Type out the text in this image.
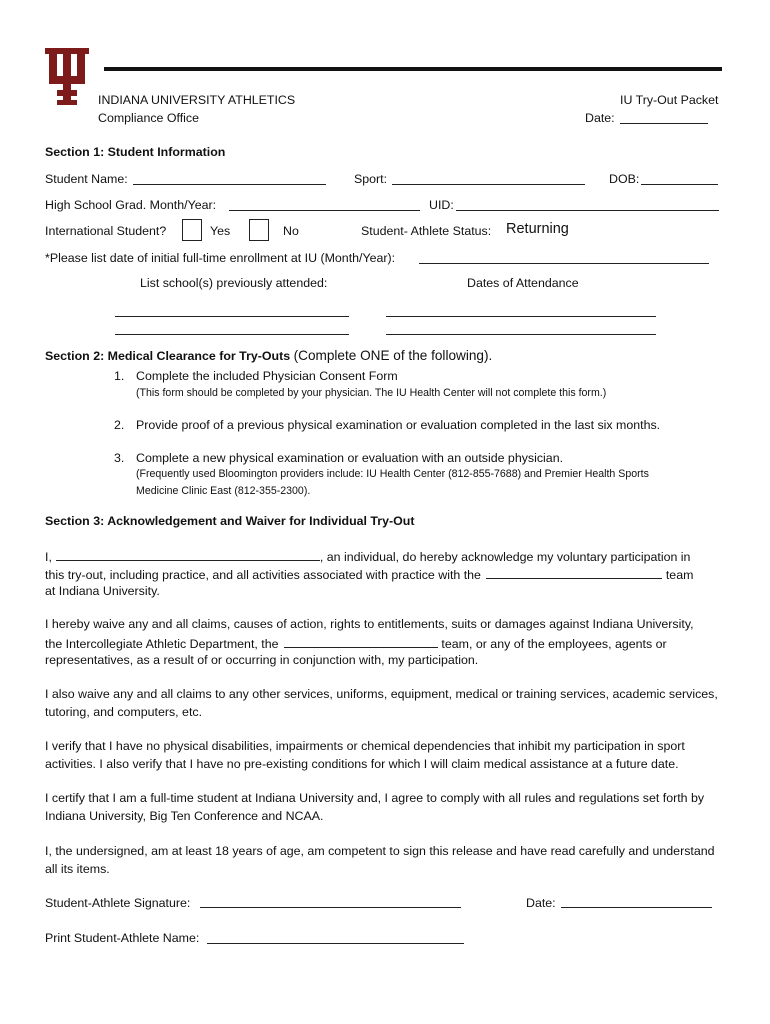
INDIANA UNIVERSITY ATHLETICS
Compliance Office
IU Try-Out Packet
Date:
Section 1: Student Information
Student Name:	Sport:	DOB:
High School Grad. Month/Year:	UID:
International Student?	Yes	No	Student- Athlete Status: Returning
*Please list date of initial full-time enrollment at IU (Month/Year):
List school(s) previously attended:	Dates of Attendance
Section 2: Medical Clearance for Try-Outs (Complete ONE of the following).
1. Complete the included Physician Consent Form
(This form should be completed by your physician. The IU Health Center will not complete this form.)
2. Provide proof of a previous physical examination or evaluation completed in the last six months.
3. Complete a new physical examination or evaluation with an outside physician.
(Frequently used Bloomington providers include: IU Health Center (812-855-7688) and Premier Health Sports
Medicine Clinic East (812-355-2300).
Section 3: Acknowledgement and Waiver for Individual Try-Out
I,	, an individual, do hereby acknowledge my voluntary participation in
this try-out, including practice, and all activities associated with practice with the	team
at Indiana University.
I hereby waive any and all claims, causes of action, rights to entitlements, suits or damages against Indiana University,
the Intercollegiate Athletic Department, the	team, or any of the employees, agents or
representatives, as a result of or occurring in conjunction with, my participation.
I also waive any and all claims to any other services, uniforms, equipment, medical or training services, academic services, tutoring, and computers, etc.
I verify that I have no physical disabilities, impairments or chemical dependencies that inhibit my participation in sport activities. I also verify that I have no pre-existing conditions for which I will claim medical assistance at a future date.
I certify that I am a full-time student at Indiana University and, I agree to comply with all rules and regulations set forth by Indiana University, Big Ten Conference and NCAA.
I, the undersigned, am at least 18 years of age, am competent to sign this release and have read carefully and understand all its items.
Student-Athlete Signature:	Date:
Print Student-Athlete Name:
